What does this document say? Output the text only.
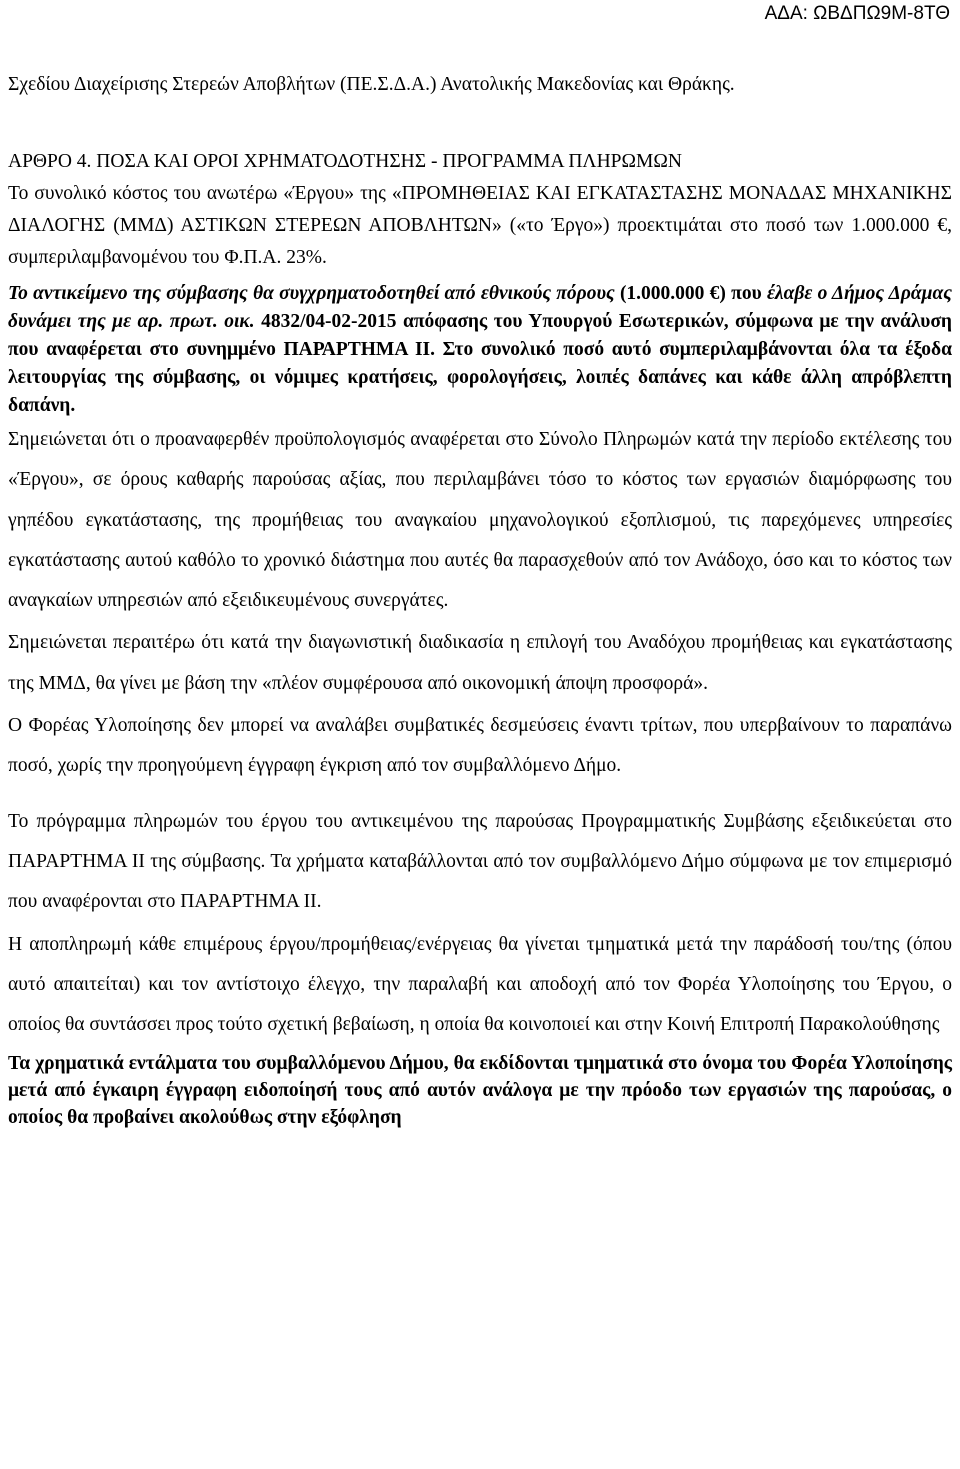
ΑΔΑ: ΩΒΔΠΩ9Μ-8ΤΘ

Σχεδίου Διαχείρισης Στερεών Αποβλήτων (ΠΕ.Σ.Δ.Α.) Ανατολικής Μακεδονίας και Θράκης.

ΑΡΘΡΟ 4. ΠΟΣΑ ΚΑΙ ΟΡΟΙ ΧΡΗΜΑΤΟΔΟΤΗΣΗΣ - ΠΡΟΓΡΑΜΜΑ ΠΛΗΡΩΜΩΝ
Το συνολικό κόστος του ανωτέρω «Έργου» της «ΠΡΟΜΗΘΕΙΑΣ ΚΑΙ ΕΓΚΑΤΑΣΤΑΣΗΣ ΜΟΝΑΔΑΣ ΜΗΧΑΝΙΚΗΣ ΔΙΑΛΟΓΗΣ (ΜΜΔ) ΑΣΤΙΚΩΝ ΣΤΕΡΕΩΝ ΑΠΟΒΛΗΤΩΝ» («το Έργο») προεκτιμάται στο ποσό των 1.000.000 €, συμπεριλαμβανομένου του Φ.Π.Α. 23%.

Το αντικείμενο της σύμβασης θα συγχρηματοδοτηθεί από εθνικούς πόρους (1.000.000 €) που έλαβε ο Δήμος Δράμας δυνάμει της με αρ. πρωτ. οικ. 4832/04-02-2015 απόφασης του Υπουργού Εσωτερικών, σύμφωνα με την ανάλυση που αναφέρεται στο συνημμένο ΠΑΡΑΡΤΗΜΑ ΙΙ. Στο συνολικό ποσό αυτό συμπεριλαμβάνονται όλα τα έξοδα λειτουργίας της σύμβασης, οι νόμιμες κρατήσεις, φορολογήσεις, λοιπές δαπάνες και κάθε άλλη απρόβλεπτη δαπάνη.

Σημειώνεται ότι ο προαναφερθέν προϋπολογισμός αναφέρεται στο Σύνολο Πληρωμών κατά την περίοδο εκτέλεσης του «Έργου», σε όρους καθαρής παρούσας αξίας, που περιλαμβάνει τόσο το κόστος των εργασιών διαμόρφωσης του γηπέδου εγκατάστασης, της προμήθειας του αναγκαίου μηχανολογικού εξοπλισμού, τις παρεχόμενες υπηρεσίες εγκατάστασης αυτού καθόλο το χρονικό διάστημα που αυτές θα παρασχεθούν από τον Ανάδοχο, όσο και το κόστος των αναγκαίων υπηρεσιών από εξειδικευμένους συνεργάτες.

Σημειώνεται περαιτέρω ότι κατά την διαγωνιστική διαδικασία η επιλογή του Αναδόχου προμήθειας και εγκατάστασης της ΜΜΔ, θα γίνει με βάση την «πλέον συμφέρουσα από οικονομική άποψη προσφορά».

Ο Φορέας Υλοποίησης δεν μπορεί να αναλάβει συμβατικές δεσμεύσεις έναντι τρίτων, που υπερβαίνουν το παραπάνω ποσό, χωρίς την προηγούμενη έγγραφη έγκριση από τον συμβαλλόμενο Δήμο.

Το πρόγραμμα πληρωμών του έργου του αντικειμένου της παρούσας Προγραμματικής Συμβάσης εξειδικεύεται στο ΠΑΡΑΡΤΗΜΑ ΙΙ της σύμβασης. Τα χρήματα καταβάλλονται από τον συμβαλλόμενο Δήμο σύμφωνα με τον επιμερισμό που αναφέρονται στο ΠΑΡΑΡΤΗΜΑ ΙΙ.

Η αποπληρωμή κάθε επιμέρους έργου/προμήθειας/ενέργειας θα γίνεται τμηματικά μετά την παράδοσή του/της (όπου αυτό απαιτείται) και τον αντίστοιχο έλεγχο, την παραλαβή και αποδοχή από τον Φορέα Υλοποίησης του Έργου, ο οποίος θα συντάσσει προς τούτο σχετική βεβαίωση, η οποία θα κοινοποιεί και στην Κοινή Επιτροπή Παρακολούθησης

Τα χρηματικά εντάλματα του συμβαλλόμενου Δήμου, θα εκδίδονται τμηματικά στο όνομα του Φορέα Υλοποίησης μετά από έγκαιρη έγγραφη ειδοποίησή τους από αυτόν ανάλογα με την πρόοδο των εργασιών της παρούσας, ο οποίος θα προβαίνει ακολούθως στην εξόφληση
